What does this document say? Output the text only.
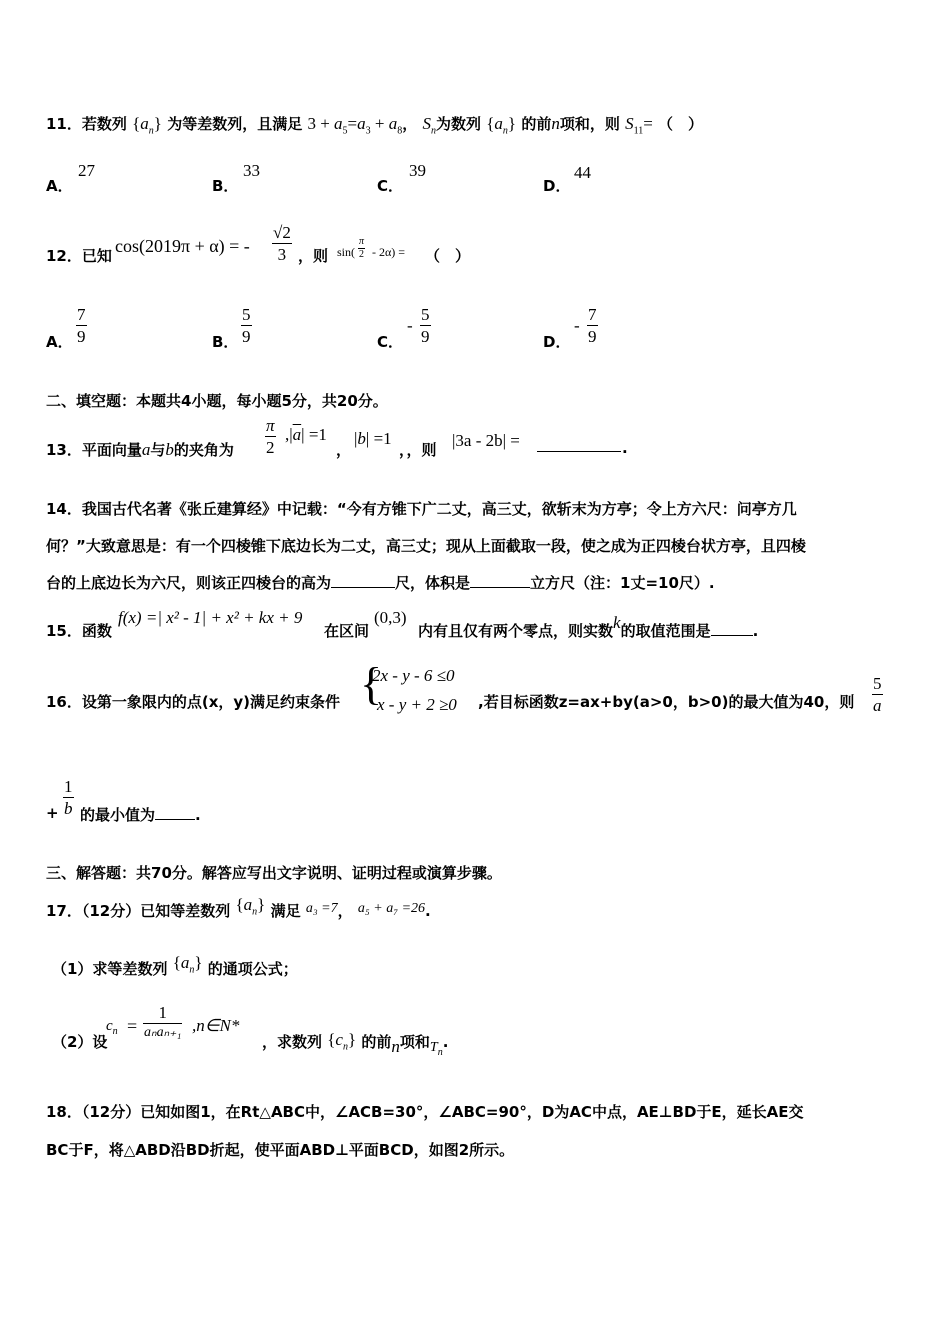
11．若数列 $\{a_n\}$ 为等差数列，且满足 $3 + a_5=a_3 + a_8$， $S_n$为数列 $\{a_n\}$ 的前n项和，则 $S_{11}=$ （　）
A．
27
B．
33
C．
39
D．
44
12．已知 cos(2019π + α) = -
√2
3 ，则 sin(
π
2 - 2α) = （　）
A．
7
9	B．
5
9	C．
-
5
9	D．
-
7
9
二、填空题：本题共4小题，每小题5分，共20分。
13．平面向量a与b的夹角为
π
2
$,|\overline{a}| =1$
，
|b| =1
，，则 |3a - 2b| =	.
14．我国古代名著《张丘建算经》中记载：“今有方锥下广二丈，高三丈，欲斩末为方亭；令上方六尺：问亭方几
何？”大致意思是：有一个四棱锥下底边长为二丈，高三丈；现从上面截取一段，使之成为正四棱台状方亭，且四棱
台的上底边长为六尺，则该正四棱台的高为	尺，体积是	立方尺（注：1丈=10尺）.
15．函数
f(x) =| x² - 1| + x² + kx + 9
在区间
(0,3)
内有且仅有两个零点，则实数k的取值范围是	.
16．设第一象限内的点(x，y)满足约束条件 {
2x - y - 6 ≤0
x - y + 2 ≥0 ,若目标函数z=ax+by(a>0，b>0)的最大值为40，则
5
a
+
1
b 的最小值为	.
三、解答题：共70分。解答应写出文字说明、证明过程或演算步骤。
17．（12分）已知等差数列 $\{a_n\}$ 满足 a₃ =7， a₅ + a₇ =26.
（1）求等差数列 $\{a_n\}$ 的通项公式；
（2）设
$c_n$ =
1
aₙaₙ₊₁ ,n∈N*
，求数列 $\{c_n\}$ 的前n项和$T_n$.
18．（12分）已知如图1，在Rt△ABC中，∠ACB=30°，∠ABC=90°，D为AC中点，AE⊥BD于E，延长AE交
BC于F，将△ABD沿BD折起，使平面ABD⊥平面BCD，如图2所示。
